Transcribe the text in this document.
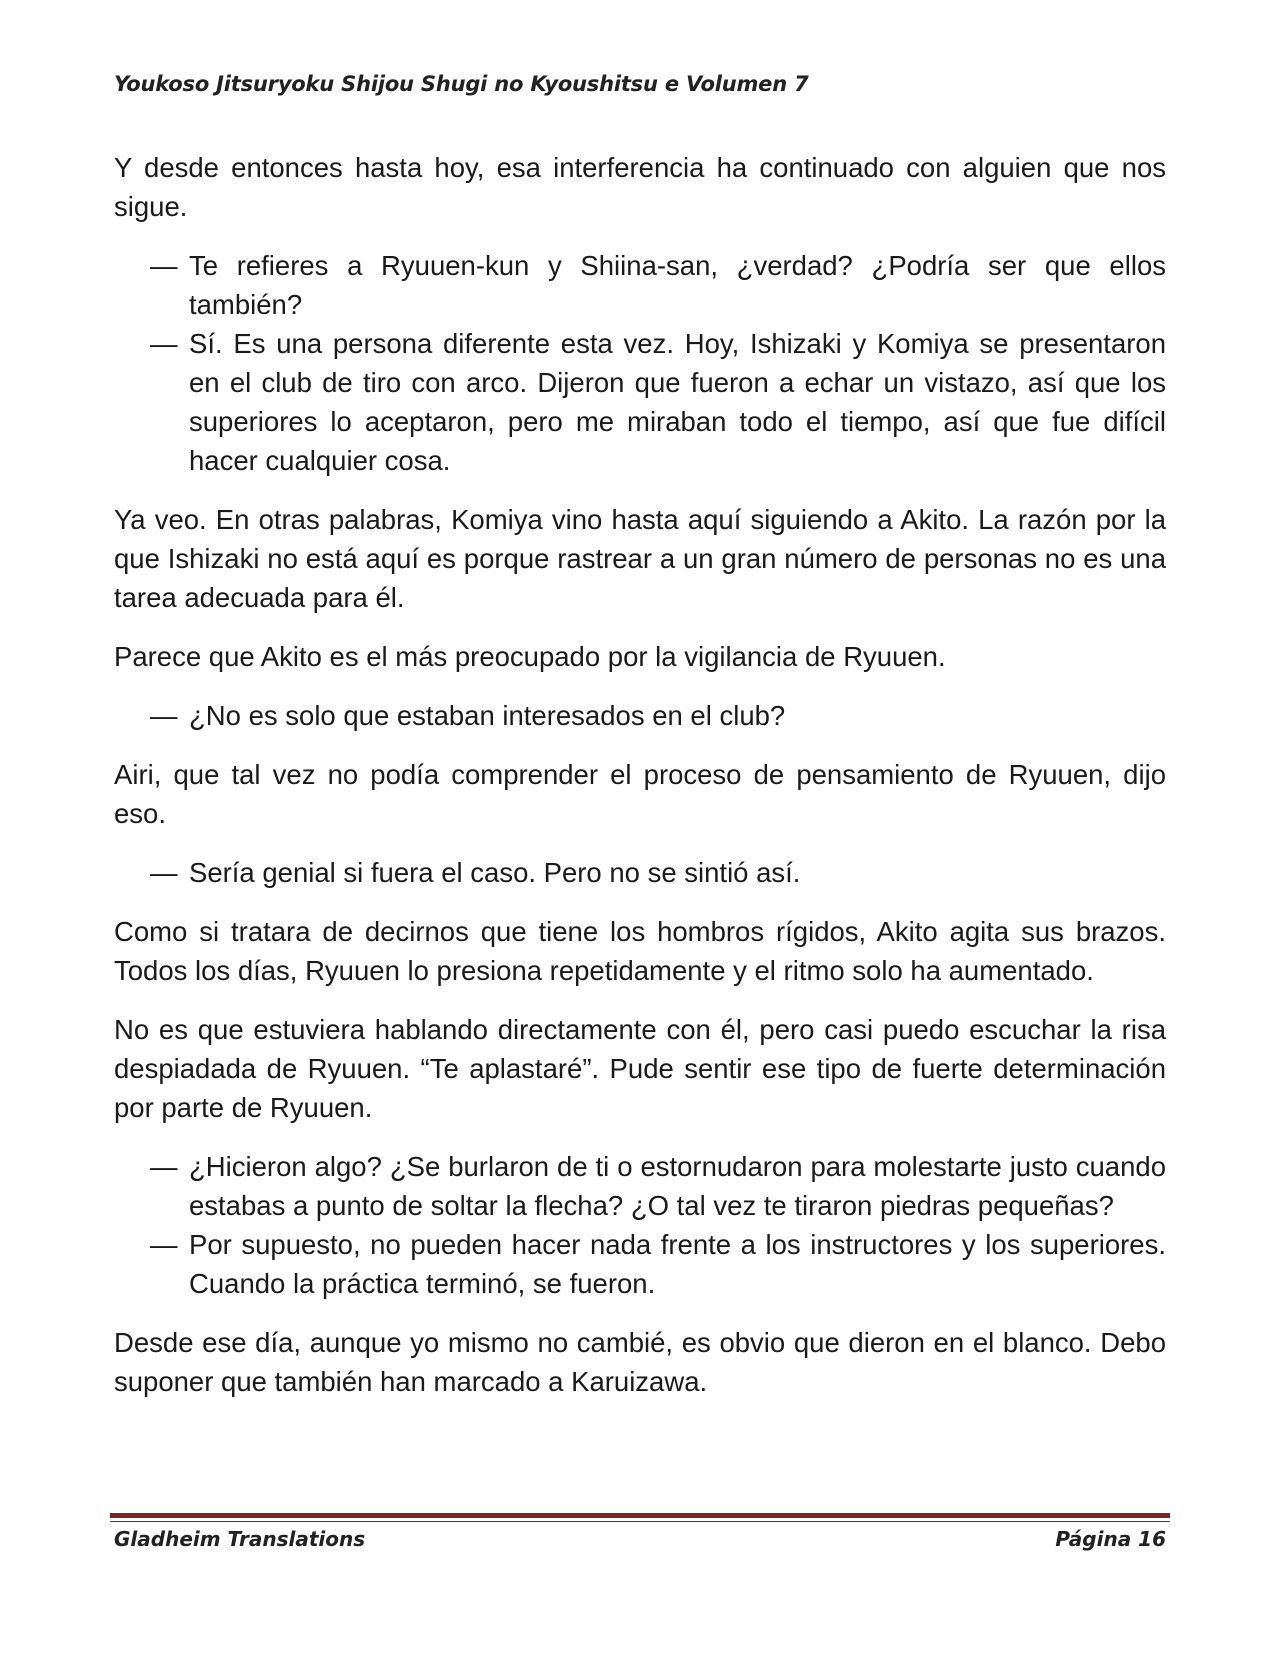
Youkoso Jitsuryoku Shijou Shugi no Kyoushitsu e Volumen 7

Y desde entonces hasta hoy, esa interferencia ha continuado con alguien que nos sigue.

— Te refieres a Ryuuen-kun y Shiina-san, ¿verdad? ¿Podría ser que ellos también?

— Sí. Es una persona diferente esta vez. Hoy, Ishizaki y Komiya se presentaron en el club de tiro con arco. Dijeron que fueron a echar un vistazo, así que los superiores lo aceptaron, pero me miraban todo el tiempo, así que fue difícil hacer cualquier cosa.

Ya veo. En otras palabras, Komiya vino hasta aquí siguiendo a Akito. La razón por la que Ishizaki no está aquí es porque rastrear a un gran número de personas no es una tarea adecuada para él.

Parece que Akito es el más preocupado por la vigilancia de Ryuuen.

— ¿No es solo que estaban interesados en el club?

Airi, que tal vez no podía comprender el proceso de pensamiento de Ryuuen, dijo eso.

— Sería genial si fuera el caso. Pero no se sintió así.

Como si tratara de decirnos que tiene los hombros rígidos, Akito agita sus brazos. Todos los días, Ryuuen lo presiona repetidamente y el ritmo solo ha aumentado.

No es que estuviera hablando directamente con él, pero casi puedo escuchar la risa despiadada de Ryuuen. “Te aplastaré”. Pude sentir ese tipo de fuerte determinación por parte de Ryuuen.

— ¿Hicieron algo? ¿Se burlaron de ti o estornudaron para molestarte justo cuando estabas a punto de soltar la flecha? ¿O tal vez te tiraron piedras pequeñas?

— Por supuesto, no pueden hacer nada frente a los instructores y los superiores. Cuando la práctica terminó, se fueron.

Desde ese día, aunque yo mismo no cambié, es obvio que dieron en el blanco. Debo suponer que también han marcado a Karuizawa.

Gladheim Translations	Página 16
